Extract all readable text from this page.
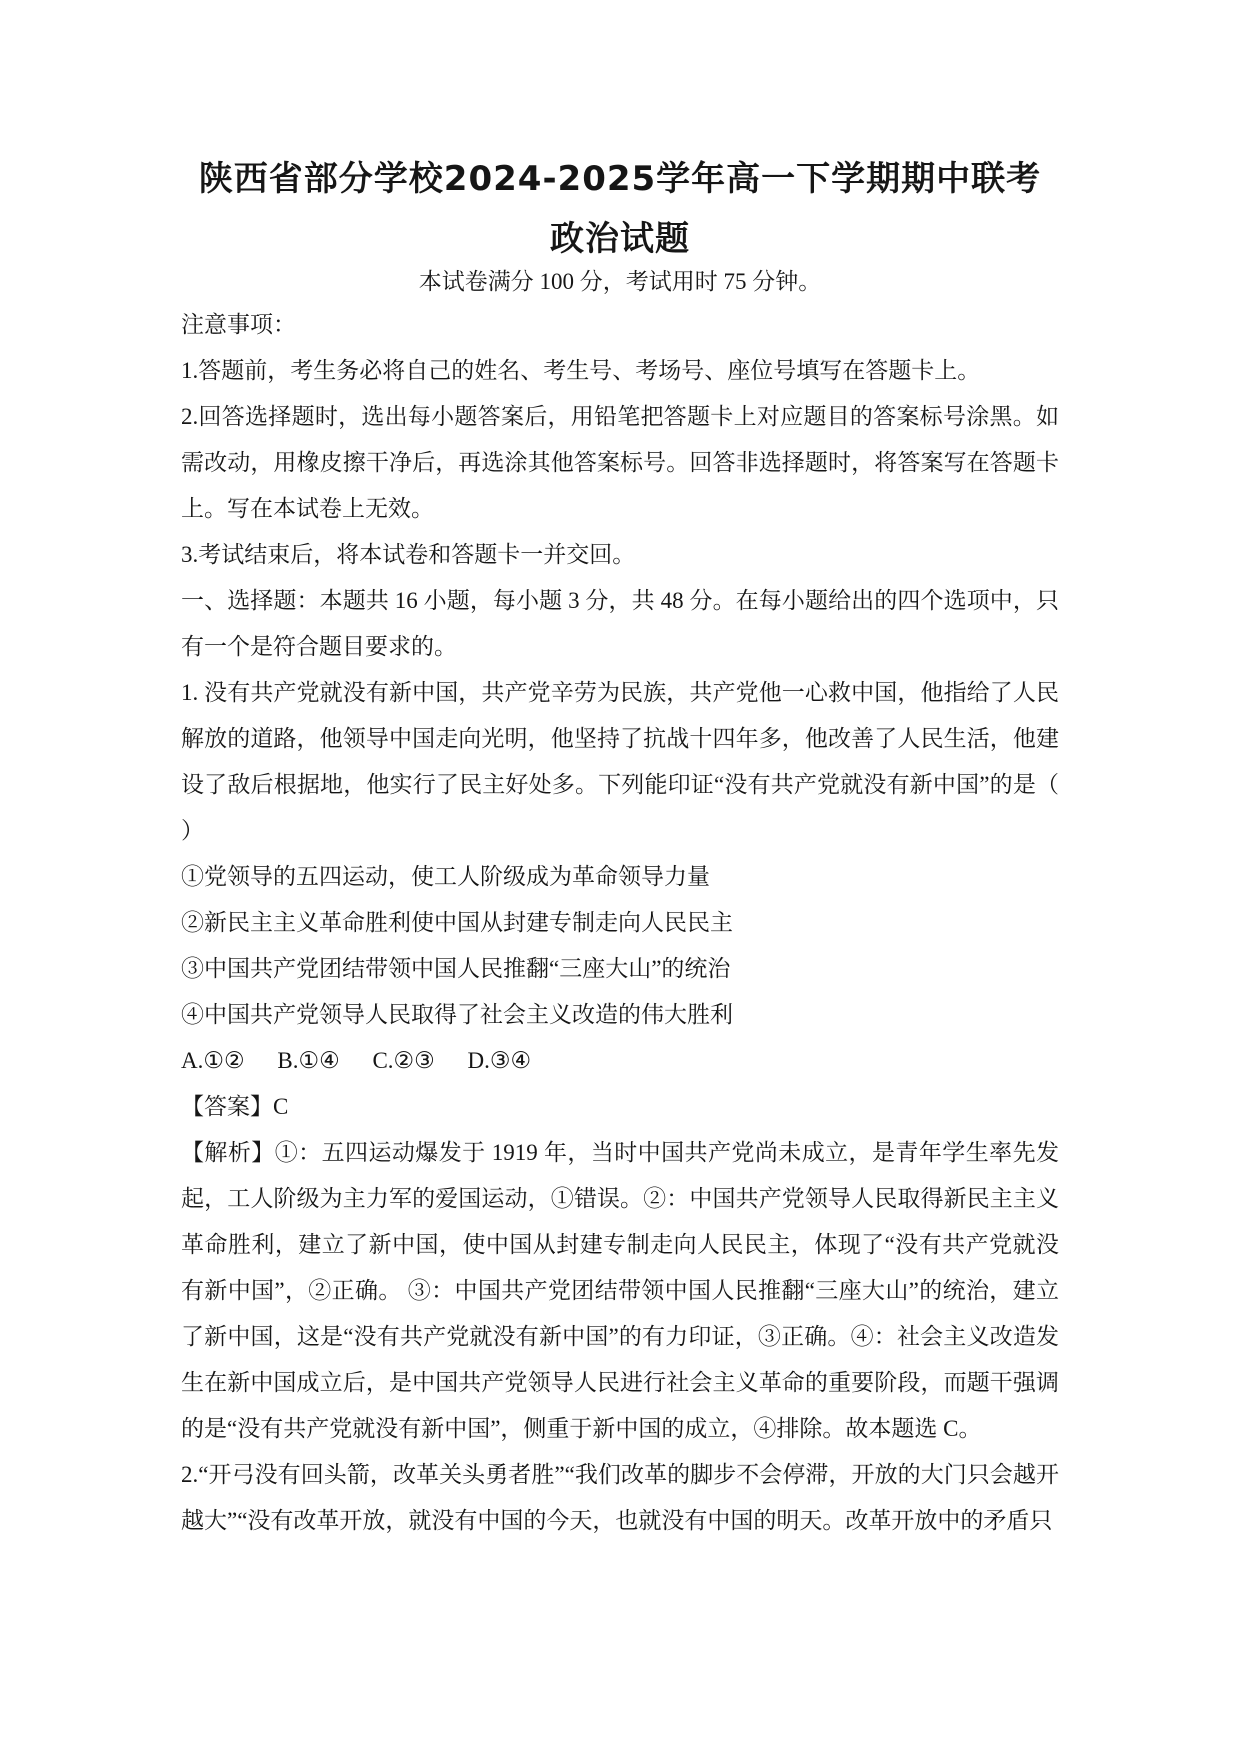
陕西省部分学校2024-2025学年高一下学期期中联考
政治试题

本试卷满分 100 分，考试用时 75 分钟。

注意事项：

1.答题前，考生务必将自己的姓名、考生号、考场号、座位号填写在答题卡上。

2.回答选择题时，选出每小题答案后，用铅笔把答题卡上对应题目的答案标号涂黑。如需改动，用橡皮擦干净后，再选涂其他答案标号。回答非选择题时，将答案写在答题卡上。写在本试卷上无效。

3.考试结束后，将本试卷和答题卡一并交回。

一、选择题：本题共 16 小题，每小题 3 分，共 48 分。在每小题给出的四个选项中，只有一个是符合题目要求的。

1. 没有共产党就没有新中国，共产党辛劳为民族，共产党他一心救中国，他指给了人民解放的道路，他领导中国走向光明，他坚持了抗战十四年多，他改善了人民生活，他建设了敌后根据地，他实行了民主好处多。下列能印证“没有共产党就没有新中国”的是（　　）

①党领导的五四运动，使工人阶级成为革命领导力量

②新民主主义革命胜利使中国从封建专制走向人民民主

③中国共产党团结带领中国人民推翻“三座大山”的统治

④中国共产党领导人民取得了社会主义改造的伟大胜利

A.①② B.①④ C.②③ D.③④

【答案】C

【解析】①：五四运动爆发于 1919 年，当时中国共产党尚未成立，是青年学生率先发起，工人阶级为主力军的爱国运动，①错误。②：中国共产党领导人民取得新民主主义革命胜利，建立了新中国，使中国从封建专制走向人民民主，体现了“没有共产党就没有新中国”，②正确。 ③：中国共产党团结带领中国人民推翻“三座大山”的统治，建立了新中国，这是“没有共产党就没有新中国”的有力印证，③正确。④：社会主义改造发生在新中国成立后，是中国共产党领导人民进行社会主义革命的重要阶段，而题干强调的是“没有共产党就没有新中国”，侧重于新中国的成立，④排除。故本题选 C。

2.“开弓没有回头箭，改革关头勇者胜”“我们改革的脚步不会停滞，开放的大门只会越开越大”“没有改革开放，就没有中国的今天，也就没有中国的明天。改革开放中的矛盾只
